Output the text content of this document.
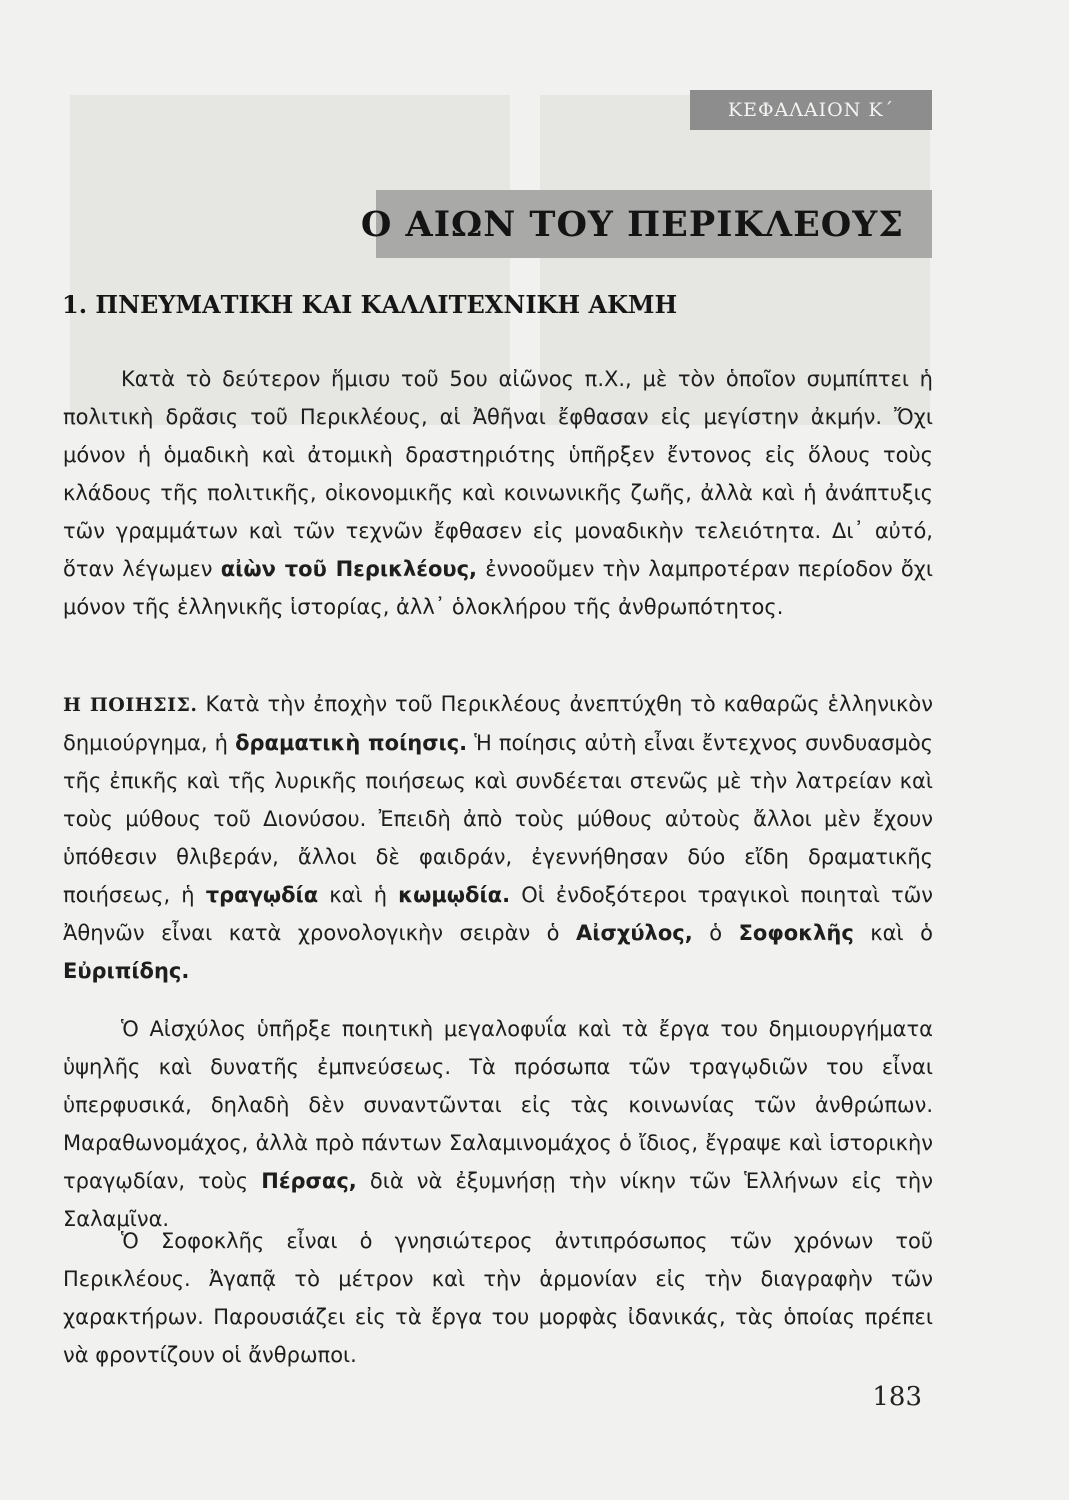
ΚΕΦΑΛΑΙΟΝ Κ΄
Ο ΑΙΩΝ ΤΟΥ ΠΕΡΙΚΛΕΟΥΣ
1. ΠΝΕΥΜΑΤΙΚΗ ΚΑΙ ΚΑΛΛΙΤΕΧΝΙΚΗ ΑΚΜΗ

Κατὰ τὸ δεύτερον ἥμισυ τοῦ 5ου αἰῶνος π.Χ., μὲ τὸν ὁποῖον συμπίπτει ἡ πολιτικὴ δρᾶσις τοῦ Περικλέους, αἱ Ἀθῆναι ἔφθασαν εἰς μεγίστην ἀκμήν. Ὄχι μόνον ἡ ὁμαδικὴ καὶ ἀτομικὴ δραστηριότης ὑπῆρξεν ἔντονος εἰς ὅλους τοὺς κλάδους τῆς πολιτικῆς, οἰκονομικῆς καὶ κοινωνικῆς ζωῆς, ἀλλὰ καὶ ἡ ἀνάπτυξις τῶν γραμμάτων καὶ τῶν τεχνῶν ἔφθασεν εἰς μοναδικὴν τελειότητα. Δι᾽ αὐτό, ὅταν λέγωμεν αἰὼν τοῦ Περικλέους, ἐννοοῦμεν τὴν λαμπροτέραν περίοδον ὄχι μόνον τῆς ἑλληνικῆς ἱστορίας, ἀλλ᾽ ὁλοκλήρου τῆς ἀνθρωπότητος.

Η ΠΟΙΗΣΙΣ. Κατὰ τὴν ἐποχὴν τοῦ Περικλέους ἀνεπτύχθη τὸ καθαρῶς ἑλληνικὸν δημιούργημα, ἡ δραματικὴ ποίησις. Ἡ ποίησις αὐτὴ εἶναι ἔντεχνος συνδυασμὸς τῆς ἐπικῆς καὶ τῆς λυρικῆς ποιήσεως καὶ συνδέεται στενῶς μὲ τὴν λατρείαν καὶ τοὺς μύθους τοῦ Διονύσου. Ἐπειδὴ ἀπὸ τοὺς μύθους αὐτοὺς ἄλλοι μὲν ἔχουν ὑπόθεσιν θλιβεράν, ἄλλοι δὲ φαιδράν, ἐγεννήθησαν δύο εἴδη δραματικῆς ποιήσεως, ἡ τραγῳδία καὶ ἡ κωμῳδία. Οἱ ἐνδοξότεροι τραγικοὶ ποιηταὶ τῶν Ἀθηνῶν εἶναι κατὰ χρονολογικὴν σειρὰν ὁ Αἰσχύλος, ὁ Σοφοκλῆς καὶ ὁ Εὐριπίδης.

Ὁ Αἰσχύλος ὑπῆρξε ποιητικὴ μεγαλοφυΐα καὶ τὰ ἔργα του δημιουργήματα ὑψηλῆς καὶ δυνατῆς ἐμπνεύσεως. Τὰ πρόσωπα τῶν τραγῳδιῶν του εἶναι ὑπερφυσικά, δηλαδὴ δὲν συναντῶνται εἰς τὰς κοινωνίας τῶν ἀνθρώπων. Μαραθωνομάχος, ἀλλὰ πρὸ πάντων Σαλαμινομάχος ὁ ἴδιος, ἔγραψε καὶ ἱστορικὴν τραγῳδίαν, τοὺς Πέρσας, διὰ νὰ ἐξυμνήσῃ τὴν νίκην τῶν Ἑλλήνων εἰς τὴν Σαλαμῖνα.

Ὁ Σοφοκλῆς εἶναι ὁ γνησιώτερος ἀντιπρόσωπος τῶν χρόνων τοῦ Περικλέους. Ἀγαπᾷ τὸ μέτρον καὶ τὴν ἁρμονίαν εἰς τὴν διαγραφὴν τῶν χαρακτήρων. Παρουσιάζει εἰς τὰ ἔργα του μορφὰς ἰδανικάς, τὰς ὁποίας πρέπει νὰ φροντίζουν οἱ ἄνθρωποι.

183
